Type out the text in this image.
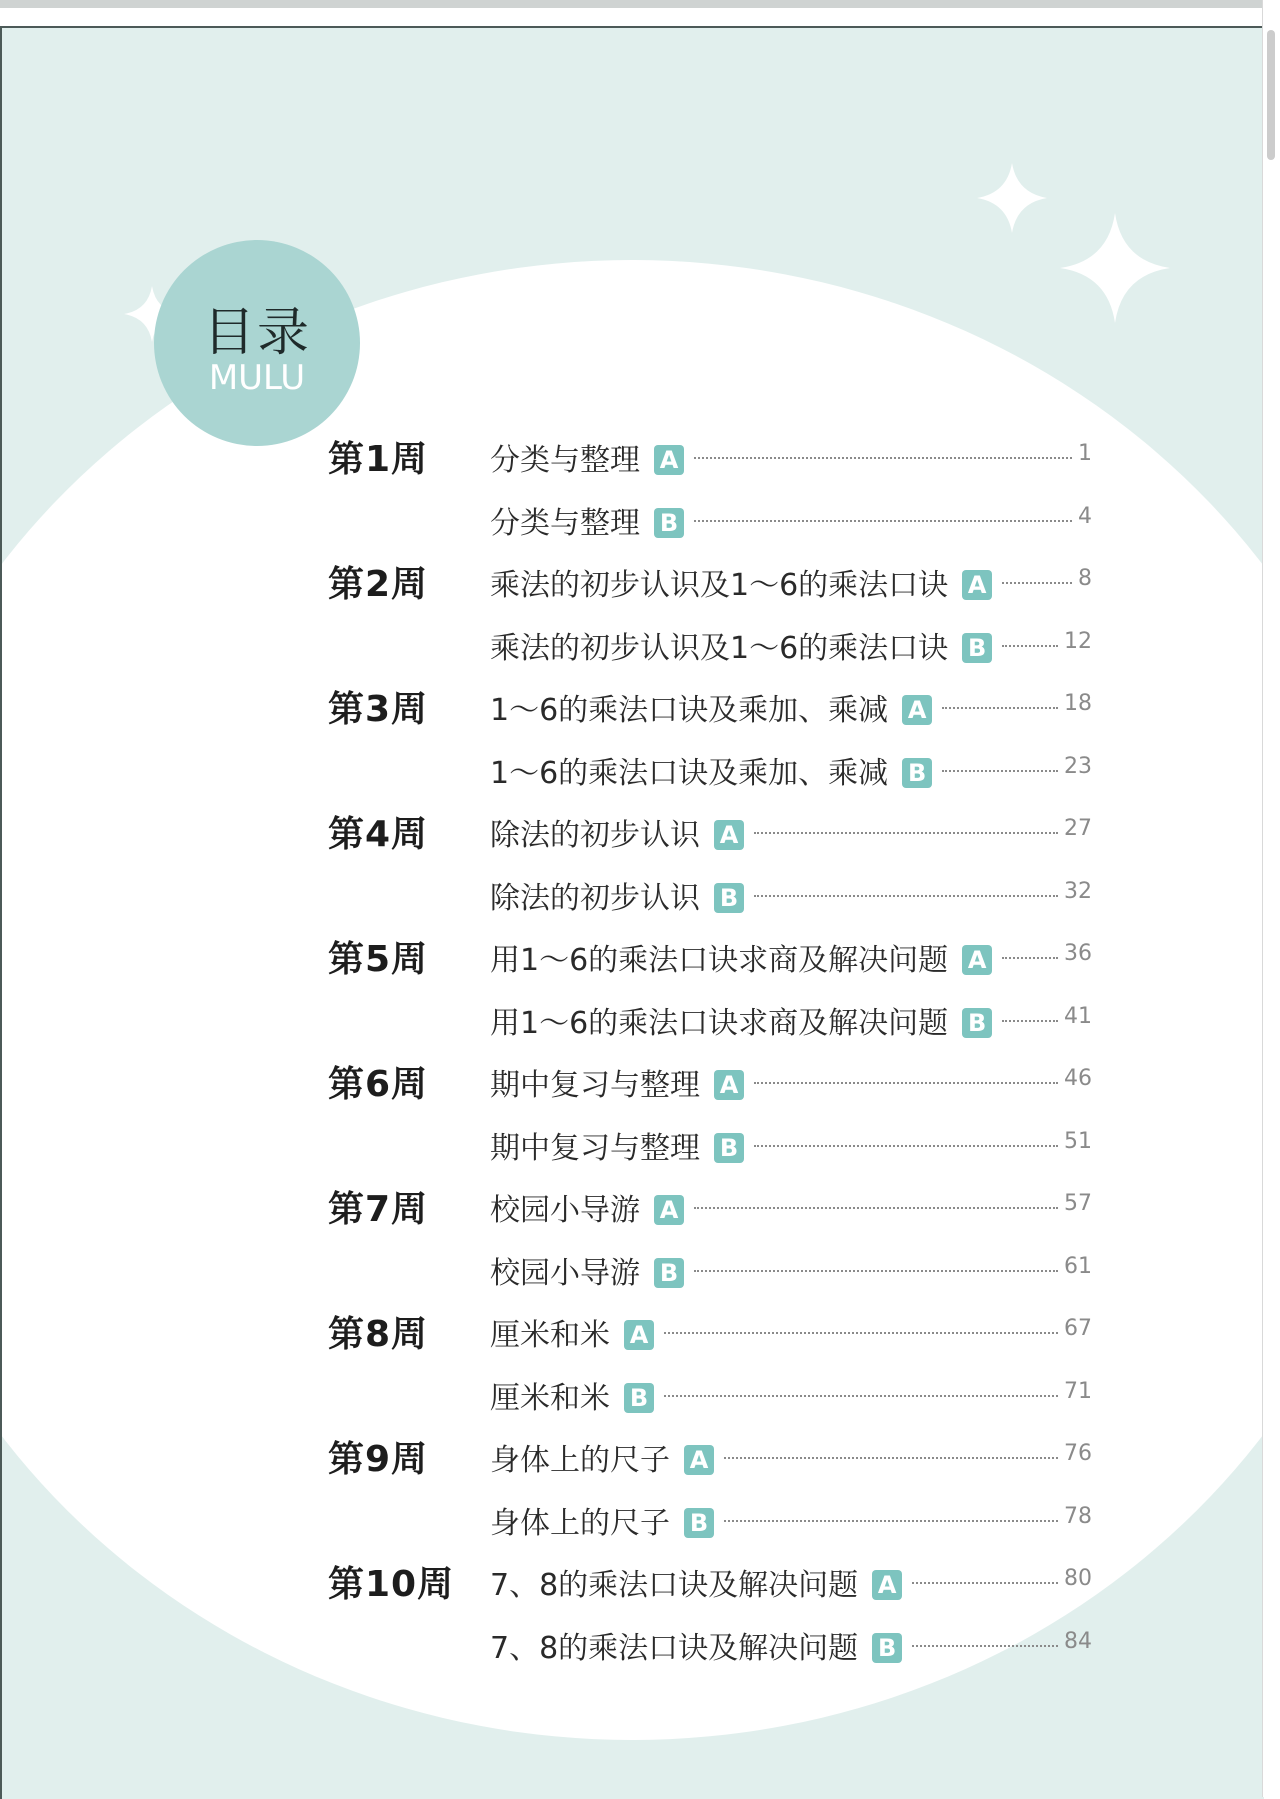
目录
MULU
第1周 分类与整理 A	1
分类与整理 B	4
第2周 乘法的初步认识及1～6的乘法口诀 A	8
乘法的初步认识及1～6的乘法口诀 B	12
第3周 1～6的乘法口诀及乘加、乘减 A	18
1～6的乘法口诀及乘加、乘减 B	23
第4周 除法的初步认识 A	27
除法的初步认识 B	32
第5周 用1～6的乘法口诀求商及解决问题 A	36
用1～6的乘法口诀求商及解决问题 B	41
第6周 期中复习与整理 A	46
期中复习与整理 B	51
第7周 校园小导游 A	57
校园小导游 B	61
第8周 厘米和米 A	67
厘米和米 B	71
第9周 身体上的尺子 A	76
身体上的尺子 B	78
第10周 7、8的乘法口诀及解决问题 A	80
7、8的乘法口诀及解决问题 B	84
